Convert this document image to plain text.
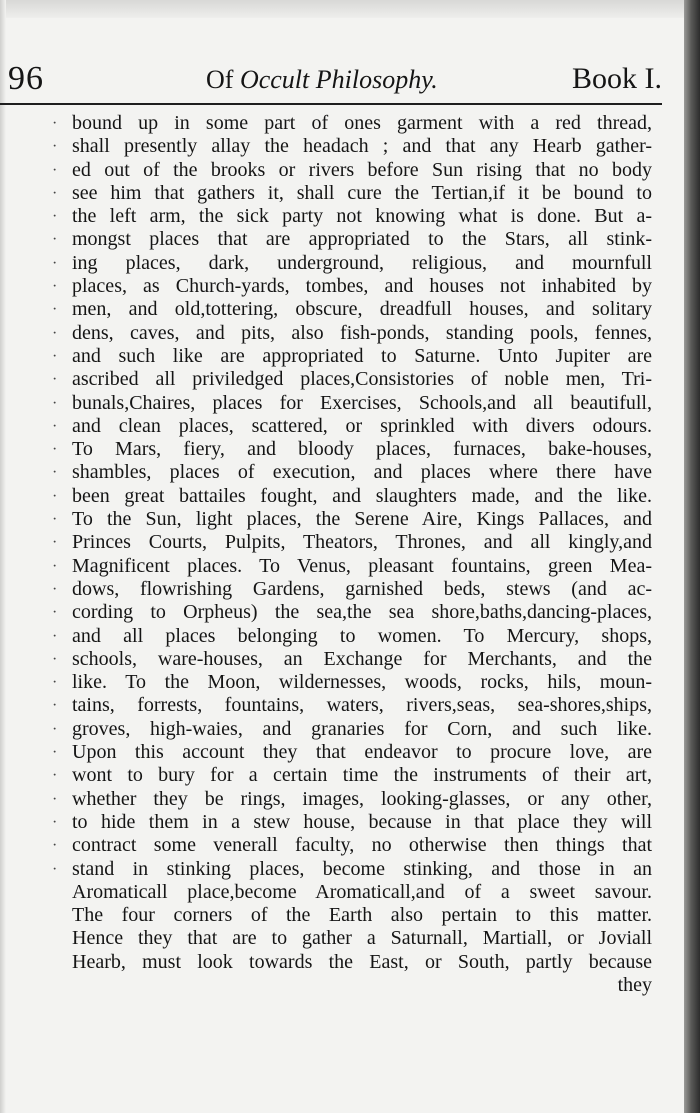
96	Of Occult Philosophy.	Book I.
·
·
·
·
·
·
·
·
·
·
·
·
·
·
·
·
·
·
·
·
·
·
·
·
·
·
·
·
·
·
·
·
·
bound up in some part of ones garment with a red thread,
shall presently allay the headach ; and that any Hearb gather-
ed out of the brooks or rivers before Sun rising that no body
see him that gathers it, shall cure the Tertian,if it be bound to
the left arm, the sick party not knowing what is done. But a-
mongst places that are appropriated to the Stars, all stink-
ing places, dark, underground, religious, and mournfull
places, as Church-yards, tombes, and houses not inhabited by
men, and old,tottering, obscure, dreadfull houses, and solitary
dens, caves, and pits, also fish-ponds, standing pools, fennes,
and such like are appropriated to Saturne. Unto Jupiter are
ascribed all priviledged places,Consistories of noble men, Tri-
bunals,Chaires, places for Exercises, Schools,and all beautifull,
and clean places, scattered, or sprinkled with divers odours.
To Mars, fiery, and bloody places, furnaces, bake-houses,
shambles, places of execution, and places where there have
been great battailes fought, and slaughters made, and the like.
To the Sun, light places, the Serene Aire, Kings Pallaces, and
Princes Courts, Pulpits, Theators, Thrones, and all kingly,and
Magnificent places. To Venus, pleasant fountains, green Mea-
dows, flowrishing Gardens, garnished beds, stews (and ac-
cording to Orpheus) the sea,the sea shore,baths,dancing-places,
and all places belonging to women. To Mercury, shops,
schools, ware-houses, an Exchange for Merchants, and the
like. To the Moon, wildernesses, woods, rocks, hils, moun-
tains, forrests, fountains, waters, rivers,seas, sea-shores,ships,
groves, high-waies, and granaries for Corn, and such like.
Upon this account they that endeavor to procure love, are
wont to bury for a certain time the instruments of their art,
whether they be rings, images, looking-glasses, or any other,
to hide them in a stew house, because in that place they will
contract some venerall faculty, no otherwise then things that
stand in stinking places, become stinking, and those in an
Aromaticall place,become Aromaticall,and of a sweet savour.
The four corners of the Earth also pertain to this matter.
Hence they that are to gather a Saturnall, Martiall, or Joviall
Hearb, must look towards the East, or South, partly because
they
